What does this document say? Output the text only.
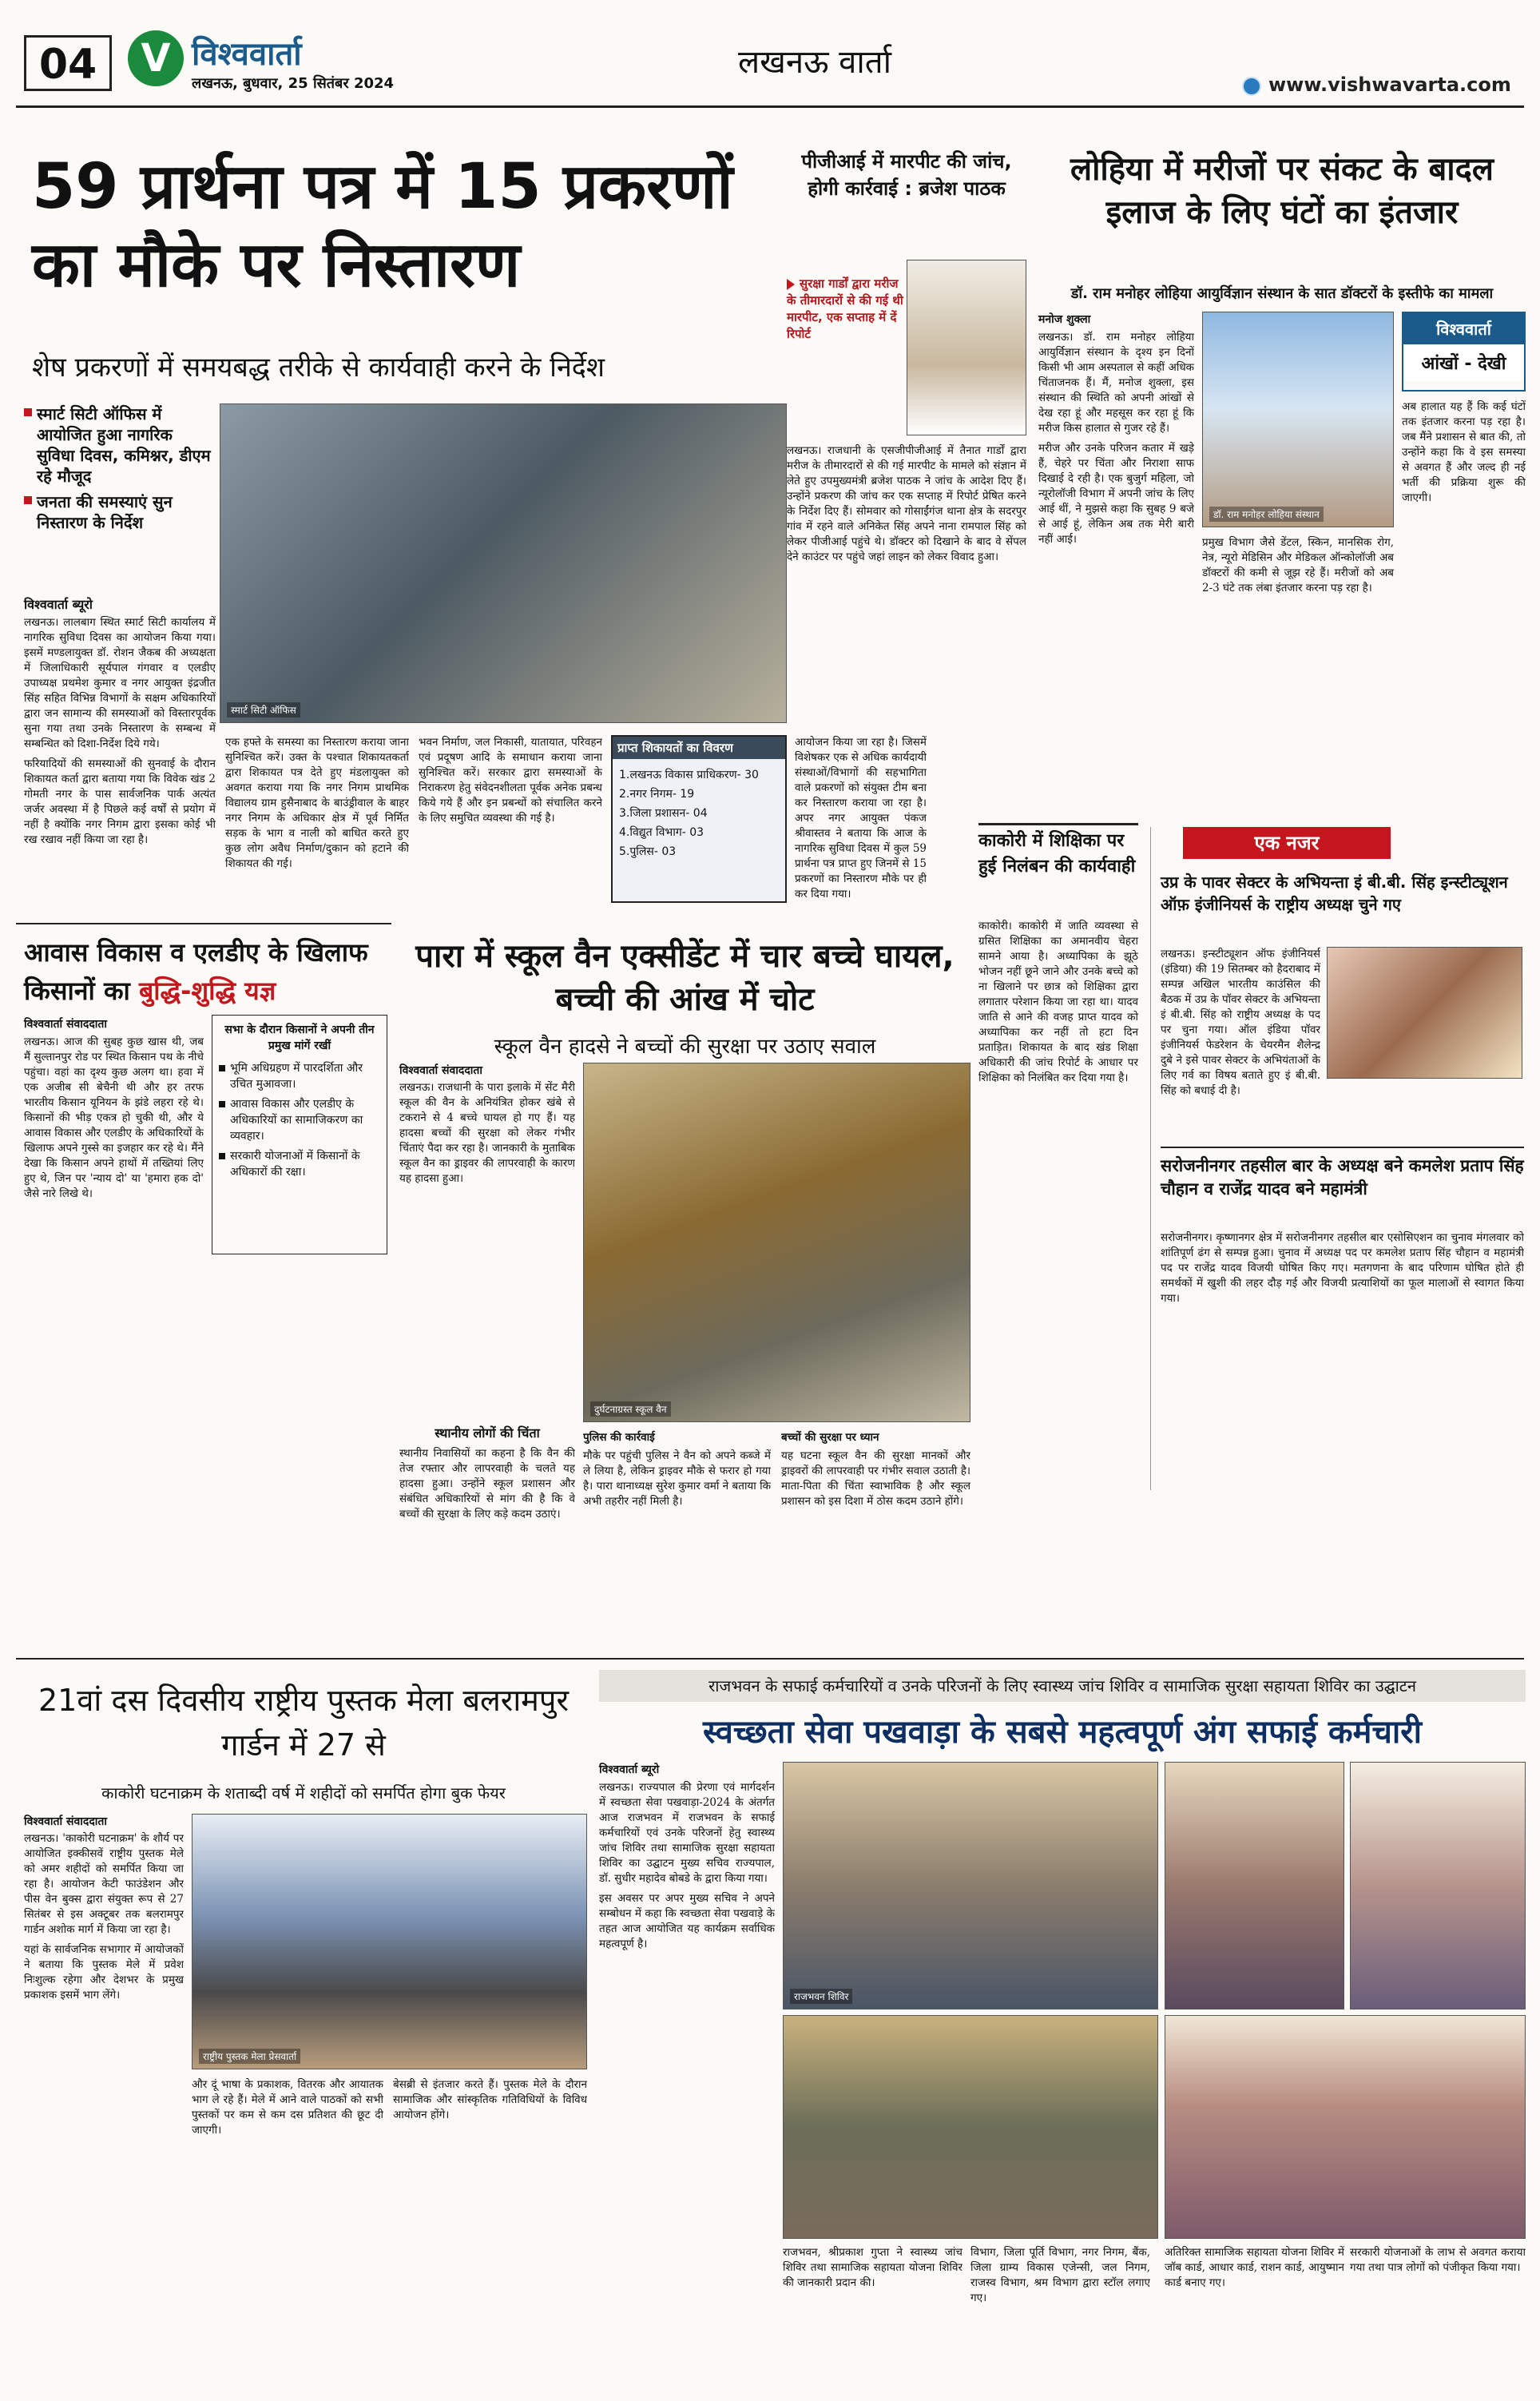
04	V विश्ववार्ता
लखनऊ, बुधवार, 25 सितंबर 2024
लखनऊ वार्ता
www.vishwavarta.com
59 प्रार्थना पत्र में 15 प्रकरणों का मौके पर निस्तारण
शेष प्रकरणों में समयबद्ध तरीके से कार्यवाही करने के निर्देश
स्मार्ट सिटी ऑफिस में आयोजित हुआ नागरिक सुविधा दिवस, कमिश्नर, डीएम रहे मौजूद
जनता की समस्याएं सुन निस्तारण के निर्देश
स्मार्ट सिटी ऑफिस
विश्ववार्ता ब्यूरो

लखनऊ। लालबाग स्थित स्मार्ट सिटी कार्यालय में नागरिक सुविधा दिवस का आयोजन किया गया। इसमें मण्डलायुक्त डॉ. रोशन जैकब की अध्यक्षता में जिलाधिकारी सूर्यपाल गंगवार व एलडीए उपाध्यक्ष प्रथमेश कुमार व नगर आयुक्त इंद्रजीत सिंह सहित विभिन्न विभागों के सक्षम अधिकारियों द्वारा जन सामान्य की समस्याओं को विस्तारपूर्वक सुना गया तथा उनके निस्तारण के सम्बन्ध में सम्बन्धित को दिशा-निर्देश दिये गये।

फरियादियों की समस्याओं की सुनवाई के दौरान शिकायत कर्ता द्वारा बताया गया कि विवेक खंड 2 गोमती नगर के पास सार्वजनिक पार्क अत्यंत जर्जर अवस्था में है पिछले कई वर्षों से प्रयोग में नहीं है क्योंकि नगर निगम द्वारा इसका कोई भी रख रखाव नहीं किया जा रहा है।

एक हफ्ते के समस्या का निस्तारण कराया जाना सुनिश्चित करें। उक्त के पश्चात शिकायतकर्ता द्वारा शिकायत पत्र देते हुए मंडलायुक्त को अवगत कराया गया कि नगर निगम प्राथमिक विद्यालय ग्राम हुसैनाबाद के बाउंड्रीवाल के बाहर नगर निगम के अधिकार क्षेत्र में पूर्व निर्मित सड़क के भाग व नाली को बाधित करते हुए कुछ लोग अवैध निर्माण/दुकान को हटाने की शिकायत की गई।

भवन निर्माण, जल निकासी, यातायात, परिवहन एवं प्रदूषण आदि के समाधान कराया जाना सुनिश्चित करें। सरकार द्वारा समस्याओं के निराकरण हेतु संवेदनशीलता पूर्वक अनेक प्रबन्ध किये गये हैं और इन प्रबन्धों को संचालित करने के लिए समुचित व्यवस्था की गई है।

प्राप्त शिकायतों का विवरण
1.लखनऊ विकास प्राधिकरण- 30
2.नगर निगम- 19
3.जिला प्रशासन- 04
4.विद्युत विभाग- 03
5.पुलिस- 03

आयोजन किया जा रहा है। जिसमें विशेषकर एक से अधिक कार्यदायी संस्थाओं/विभागों की सहभागिता वाले प्रकरणों को संयुक्त टीम बना कर निस्तारण कराया जा रहा है। अपर नगर आयुक्त पंकज श्रीवास्तव ने बताया कि आज के नागरिक सुविधा दिवस में कुल 59 प्रार्थना पत्र प्राप्त हुए जिनमें से 15 प्रकरणों का निस्तारण मौके पर ही कर दिया गया।

पीजीआई में मारपीट की जांच, होगी कार्रवाई : ब्रजेश पाठक
सुरक्षा गार्डों द्वारा मरीज के तीमारदारों से की गई थी मारपीट, एक सप्ताह में दें रिपोर्ट
लखनऊ। राजधानी के एसजीपीजीआई में तैनात गार्डों द्वारा मरीज के तीमारदारों से की गई मारपीट के मामले को संज्ञान में लेते हुए उपमुख्यमंत्री ब्रजेश पाठक ने जांच के आदेश दिए हैं। उन्होंने प्रकरण की जांच कर एक सप्ताह में रिपोर्ट प्रेषित करने के निर्देश दिए हैं। सोमवार को गोसाईंगंज थाना क्षेत्र के सदरपुर गांव में रहने वाले अनिकेत सिंह अपने नाना रामपाल सिंह को लेकर पीजीआई पहुंचे थे। डॉक्टर को दिखाने के बाद वे सेंपल देने काउंटर पर पहुंचे जहां लाइन को लेकर विवाद हुआ।
लोहिया में मरीजों पर संकट के बादल इलाज के लिए घंटों का इंतजार
डॉ. राम मनोहर लोहिया आयुर्विज्ञान संस्थान के सात डॉक्टरों के इस्तीफे का मामला
मनोज शुक्ला

लखनऊ। डॉ. राम मनोहर लोहिया आयुर्विज्ञान संस्थान के दृश्य इन दिनों किसी भी आम अस्पताल से कहीं अधिक चिंताजनक हैं। मैं, मनोज शुक्ला, इस संस्थान की स्थिति को अपनी आंखों से देख रहा हूं और महसूस कर रहा हूं कि मरीज किस हालात से गुजर रहे हैं।

मरीज और उनके परिजन कतार में खड़े हैं, चेहरे पर चिंता और निराशा साफ दिखाई दे रही है। एक बुजुर्ग महिला, जो न्यूरोलॉजी विभाग में अपनी जांच के लिए आई थीं, ने मुझसे कहा कि सुबह 9 बजे से आई हूं, लेकिन अब तक मेरी बारी नहीं आई।

डॉ. राम मनोहर लोहिया संस्थान
विश्ववार्ता
आंखों - देखी

प्रमुख विभाग जैसे डेंटल, स्किन, मानसिक रोग, नेत्र, न्यूरो मेडिसिन और मेडिकल ऑन्कोलॉजी अब डॉक्टरों की कमी से जूझ रहे हैं। मरीजों को अब 2-3 घंटे तक लंबा इंतजार करना पड़ रहा है।

अब हालात यह हैं कि कई घंटों तक इंतजार करना पड़ रहा है। जब मैंने प्रशासन से बात की, तो उन्होंने कहा कि वे इस समस्या से अवगत हैं और जल्द ही नई भर्ती की प्रक्रिया शुरू की जाएगी।

काकोरी में शिक्षिका पर हुई निलंबन की कार्यवाही
काकोरी। काकोरी में जाति व्यवस्था से ग्रसित शिक्षिका का अमानवीय चेहरा सामने आया है। अध्यापिका के झूठे भोजन नहीं छूने जाने और उनके बच्चे को ना खिलाने पर छात्र को शिक्षिका द्वारा लगातार परेशान किया जा रहा था। यादव जाति से आने की वजह प्राप्त यादव को अध्यापिका कर नहीं तो हटा दिन प्रताड़ित। शिकायत के बाद खंड शिक्षा अधिकारी की जांच रिपोर्ट के आधार पर शिक्षिका को निलंबित कर दिया गया है।
एक नजर
उप्र के पावर सेक्टर के अभियन्ता इं बी.बी. सिंह इन्स्टीट्यूशन ऑफ़ इंजीनियर्स के राष्ट्रीय अध्यक्ष चुने गए
लखनऊ। इन्स्टीट्यूशन ऑफ इंजीनियर्स (इंडिया) की 19 सितम्बर को हैदराबाद में सम्पन्न अखिल भारतीय काउंसिल की बैठक में उप्र के पॉवर सेक्टर के अभियन्ता इं बी.बी. सिंह को राष्ट्रीय अध्यक्ष के पद पर चुना गया। ऑल इंडिया पॉवर इंजीनियर्स फेडरेशन के चेयरमैन शैलेन्द्र दुबे ने इसे पावर सेक्टर के अभियंताओं के लिए गर्व का विषय बताते हुए इं बी.बी. सिंह को बधाई दी है।
सरोजनीनगर तहसील बार के अध्यक्ष बने कमलेश प्रताप सिंह चौहान व राजेंद्र यादव बने महामंत्री
सरोजनीनगर। कृष्णानगर क्षेत्र में सरोजनीनगर तहसील बार एसोसिएशन का चुनाव मंगलवार को शांतिपूर्ण ढंग से सम्पन्न हुआ। चुनाव में अध्यक्ष पद पर कमलेश प्रताप सिंह चौहान व महामंत्री पद पर राजेंद्र यादव विजयी घोषित किए गए। मतगणना के बाद परिणाम घोषित होते ही समर्थकों में खुशी की लहर दौड़ गई और विजयी प्रत्याशियों का फूल मालाओं से स्वागत किया गया।
आवास विकास व एलडीए के खिलाफ
किसानों का बुद्धि-शुद्धि यज्ञ
विश्ववार्ता संवाददाता
लखनऊ। आज की सुबह कुछ खास थी, जब मैं सुल्तानपुर रोड पर स्थित किसान पथ के नीचे पहुंचा। वहां का दृश्य कुछ अलग था। हवा में एक अजीब सी बेचैनी थी और हर तरफ भारतीय किसान यूनियन के झंडे लहरा रहे थे। किसानों की भीड़ एकत्र हो चुकी थी, और ये आवास विकास और एलडीए के अधिकारियों के खिलाफ अपने गुस्से का इजहार कर रहे थे। मैंने देखा कि किसान अपने हाथों में तख्तियां लिए हुए थे, जिन पर 'न्याय दो' या 'हमारा हक दो' जैसे नारे लिखे थे।
सभा के दौरान किसानों ने अपनी तीन प्रमुख मांगें रखीं
भूमि अधिग्रहण में पारदर्शिता और उचित मुआवजा।
आवास विकास और एलडीए के अधिकारियों का सामाजिकरण का व्यवहार।
सरकारी योजनाओं में किसानों के अधिकारों की रक्षा।
पारा में स्कूल वैन एक्सीडेंट में चार बच्चे घायल, बच्ची की आंख में चोट
स्कूल वैन हादसे ने बच्चों की सुरक्षा पर उठाए सवाल
विश्ववार्ता संवाददाता

लखनऊ। राजधानी के पारा इलाके में सेंट मैरी स्कूल की वैन के अनियंत्रित होकर खंबे से टकराने से 4 बच्चे घायल हो गए हैं। यह हादसा बच्चों की सुरक्षा को लेकर गंभीर चिंताएं पैदा कर रहा है। जानकारी के मुताबिक स्कूल वैन का ड्राइवर की लापरवाही के कारण यह हादसा हुआ।

स्थानीय लोगों की चिंता

स्थानीय निवासियों का कहना है कि वैन की तेज रफ्तार और लापरवाही के चलते यह हादसा हुआ। उन्होंने स्कूल प्रशासन और संबंधित अधिकारियों से मांग की है कि वे बच्चों की सुरक्षा के लिए कड़े कदम उठाएं।

दुर्घटनाग्रस्त स्कूल वैन
पुलिस की कार्रवाई

मौके पर पहुंची पुलिस ने वैन को अपने कब्जे में ले लिया है, लेकिन ड्राइवर मौके से फरार हो गया है। पारा थानाध्यक्ष सुरेश कुमार वर्मा ने बताया कि अभी तहरीर नहीं मिली है।

बच्चों की सुरक्षा पर ध्यान

यह घटना स्कूल वैन की सुरक्षा मानकों और ड्राइवरों की लापरवाही पर गंभीर सवाल उठाती है। माता-पिता की चिंता स्वाभाविक है और स्कूल प्रशासन को इस दिशा में ठोस कदम उठाने होंगे।

21वां दस दिवसीय राष्ट्रीय पुस्तक मेला बलरामपुर गार्डन में 27 से
काकोरी घटनाक्रम के शताब्दी वर्ष में शहीदों को समर्पित होगा बुक फेयर
विश्ववार्ता संवाददाता

लखनऊ। 'काकोरी घटनाक्रम' के शौर्य पर आयोजित इक्कीसवें राष्ट्रीय पुस्तक मेले को अमर शहीदों को समर्पित किया जा रहा है। आयोजन केटी फाउंडेशन और पीस वेन बुक्स द्वारा संयुक्त रूप से 27 सितंबर से इस अक्टूबर तक बलरामपुर गार्डन अशोक मार्ग में किया जा रहा है।

यहां के सार्वजनिक सभागार में आयोजकों ने बताया कि पुस्तक मेले में प्रवेश निःशुल्क रहेगा और देशभर के प्रमुख प्रकाशक इसमें भाग लेंगे।

राष्ट्रीय पुस्तक मेला प्रेसवार्ता

और दूं भाषा के प्रकाशक, वितरक और आयातक भाग ले रहे हैं। मेले में आने वाले पाठकों को सभी पुस्तकों पर कम से कम दस प्रतिशत की छूट दी जाएगी।

बेसब्री से इंतजार करते हैं। पुस्तक मेले के दौरान सामाजिक और सांस्कृतिक गतिविधियों के विविध आयोजन होंगे।

राजभवन के सफाई कर्मचारियों व उनके परिजनों के लिए स्वास्थ्य जांच शिविर व सामाजिक सुरक्षा सहायता शिविर का उद्घाटन
स्वच्छता सेवा पखवाड़ा के सबसे महत्वपूर्ण अंग सफाई कर्मचारी
विश्ववार्ता ब्यूरो

लखनऊ। राज्यपाल की प्रेरणा एवं मार्गदर्शन में स्वच्छता सेवा पखवाड़ा-2024 के अंतर्गत आज राजभवन में राजभवन के सफाई कर्मचारियों एवं उनके परिजनों हेतु स्वास्थ्य जांच शिविर तथा सामाजिक सुरक्षा सहायता शिविर का उद्घाटन मुख्य सचिव राज्यपाल, डॉ. सुधीर महादेव बोबडे के द्वारा किया गया।

इस अवसर पर अपर मुख्य सचिव ने अपने सम्बोधन में कहा कि स्वच्छता सेवा पखवाड़े के तहत आज आयोजित यह कार्यक्रम सर्वाधिक महत्वपूर्ण है।

राजभवन शिविर

राजभवन, श्रीप्रकाश गुप्ता ने स्वास्थ्य जांच शिविर तथा सामाजिक सहायता योजना शिविर की जानकारी प्रदान की।

विभाग, जिला पूर्ति विभाग, नगर निगम, बैंक, जिला ग्राम्य विकास एजेन्सी, जल निगम, राजस्व विभाग, श्रम विभाग द्वारा स्टॉल लगाए गए।

अतिरिक्त सामाजिक सहायता योजना शिविर में जॉब कार्ड, आधार कार्ड, राशन कार्ड, आयुष्मान कार्ड बनाए गए।

सरकारी योजनाओं के लाभ से अवगत कराया गया तथा पात्र लोगों को पंजीकृत किया गया।
